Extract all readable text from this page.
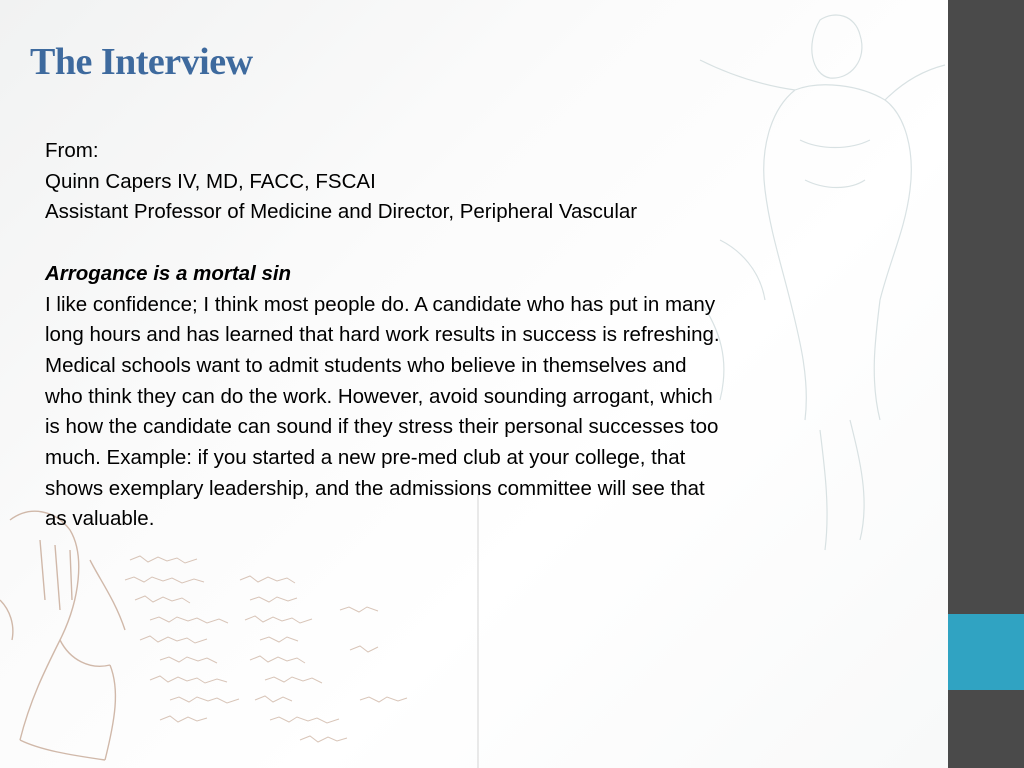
The Interview
From:
Quinn Capers IV, MD, FACC, FSCAI
Assistant Professor of Medicine and Director, Peripheral Vascular
Arrogance is a mortal sin
I like confidence; I think most people do. A candidate who has put in many
long hours and has learned that hard work results in success is refreshing.
Medical schools want to admit students who believe in themselves and
who think they can do the work. However, avoid sounding arrogant, which
is how the candidate can sound if they stress their personal successes too
much. Example: if you started a new pre-med club at your college, that
shows exemplary leadership, and the admissions committee will see that
as valuable.
